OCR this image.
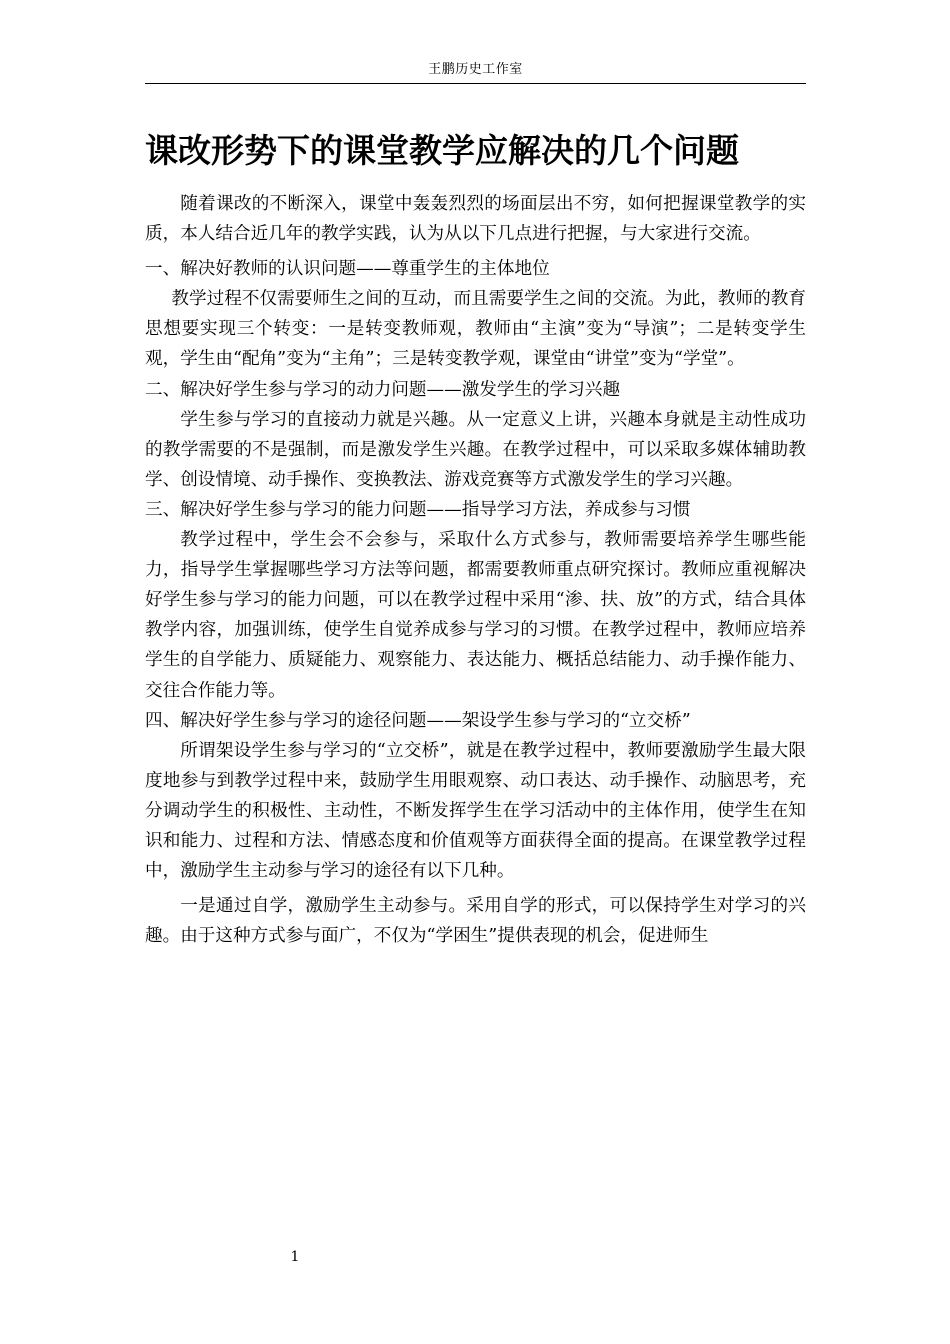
王鹏历史工作室
课改形势下的课堂教学应解决的几个问题

随着课改的不断深入，课堂中轰轰烈烈的场面层出不穷，如何把握课堂教学的实质，本人结合近几年的教学实践，认为从以下几点进行把握，与大家进行交流。

一、解决好教师的认识问题——尊重学生的主体地位

教学过程不仅需要师生之间的互动，而且需要学生之间的交流。为此，教师的教育思想要实现三个转变：一是转变教师观，教师由“主演”变为“导演”；二是转变学生观，学生由“配角”变为“主角”；三是转变教学观，课堂由“讲堂”变为“学堂”。

二、解决好学生参与学习的动力问题——激发学生的学习兴趣

学生参与学习的直接动力就是兴趣。从一定意义上讲，兴趣本身就是主动性成功的教学需要的不是强制，而是激发学生兴趣。在教学过程中，可以采取多媒体辅助教学、创设情境、动手操作、变换教法、游戏竞赛等方式激发学生的学习兴趣。

三、解决好学生参与学习的能力问题——指导学习方法，养成参与习惯

教学过程中，学生会不会参与，采取什么方式参与，教师需要培养学生哪些能力，指导学生掌握哪些学习方法等问题，都需要教师重点研究探讨。教师应重视解决好学生参与学习的能力问题，可以在教学过程中采用“渗、扶、放”的方式，结合具体教学内容，加强训练，使学生自觉养成参与学习的习惯。在教学过程中，教师应培养学生的自学能力、质疑能力、观察能力、表达能力、概括总结能力、动手操作能力、交往合作能力等。

四、解决好学生参与学习的途径问题——架设学生参与学习的“立交桥”

所谓架设学生参与学习的“立交桥”，就是在教学过程中，教师要激励学生最大限度地参与到教学过程中来，鼓励学生用眼观察、动口表达、动手操作、动脑思考，充分调动学生的积极性、主动性，不断发挥学生在学习活动中的主体作用，使学生在知识和能力、过程和方法、情感态度和价值观等方面获得全面的提高。在课堂教学过程中，激励学生主动参与学习的途径有以下几种。

一是通过自学，激励学生主动参与。采用自学的形式，可以保持学生对学习的兴趣。由于这种方式参与面广，不仅为“学困生”提供表现的机会，促进师生

1
